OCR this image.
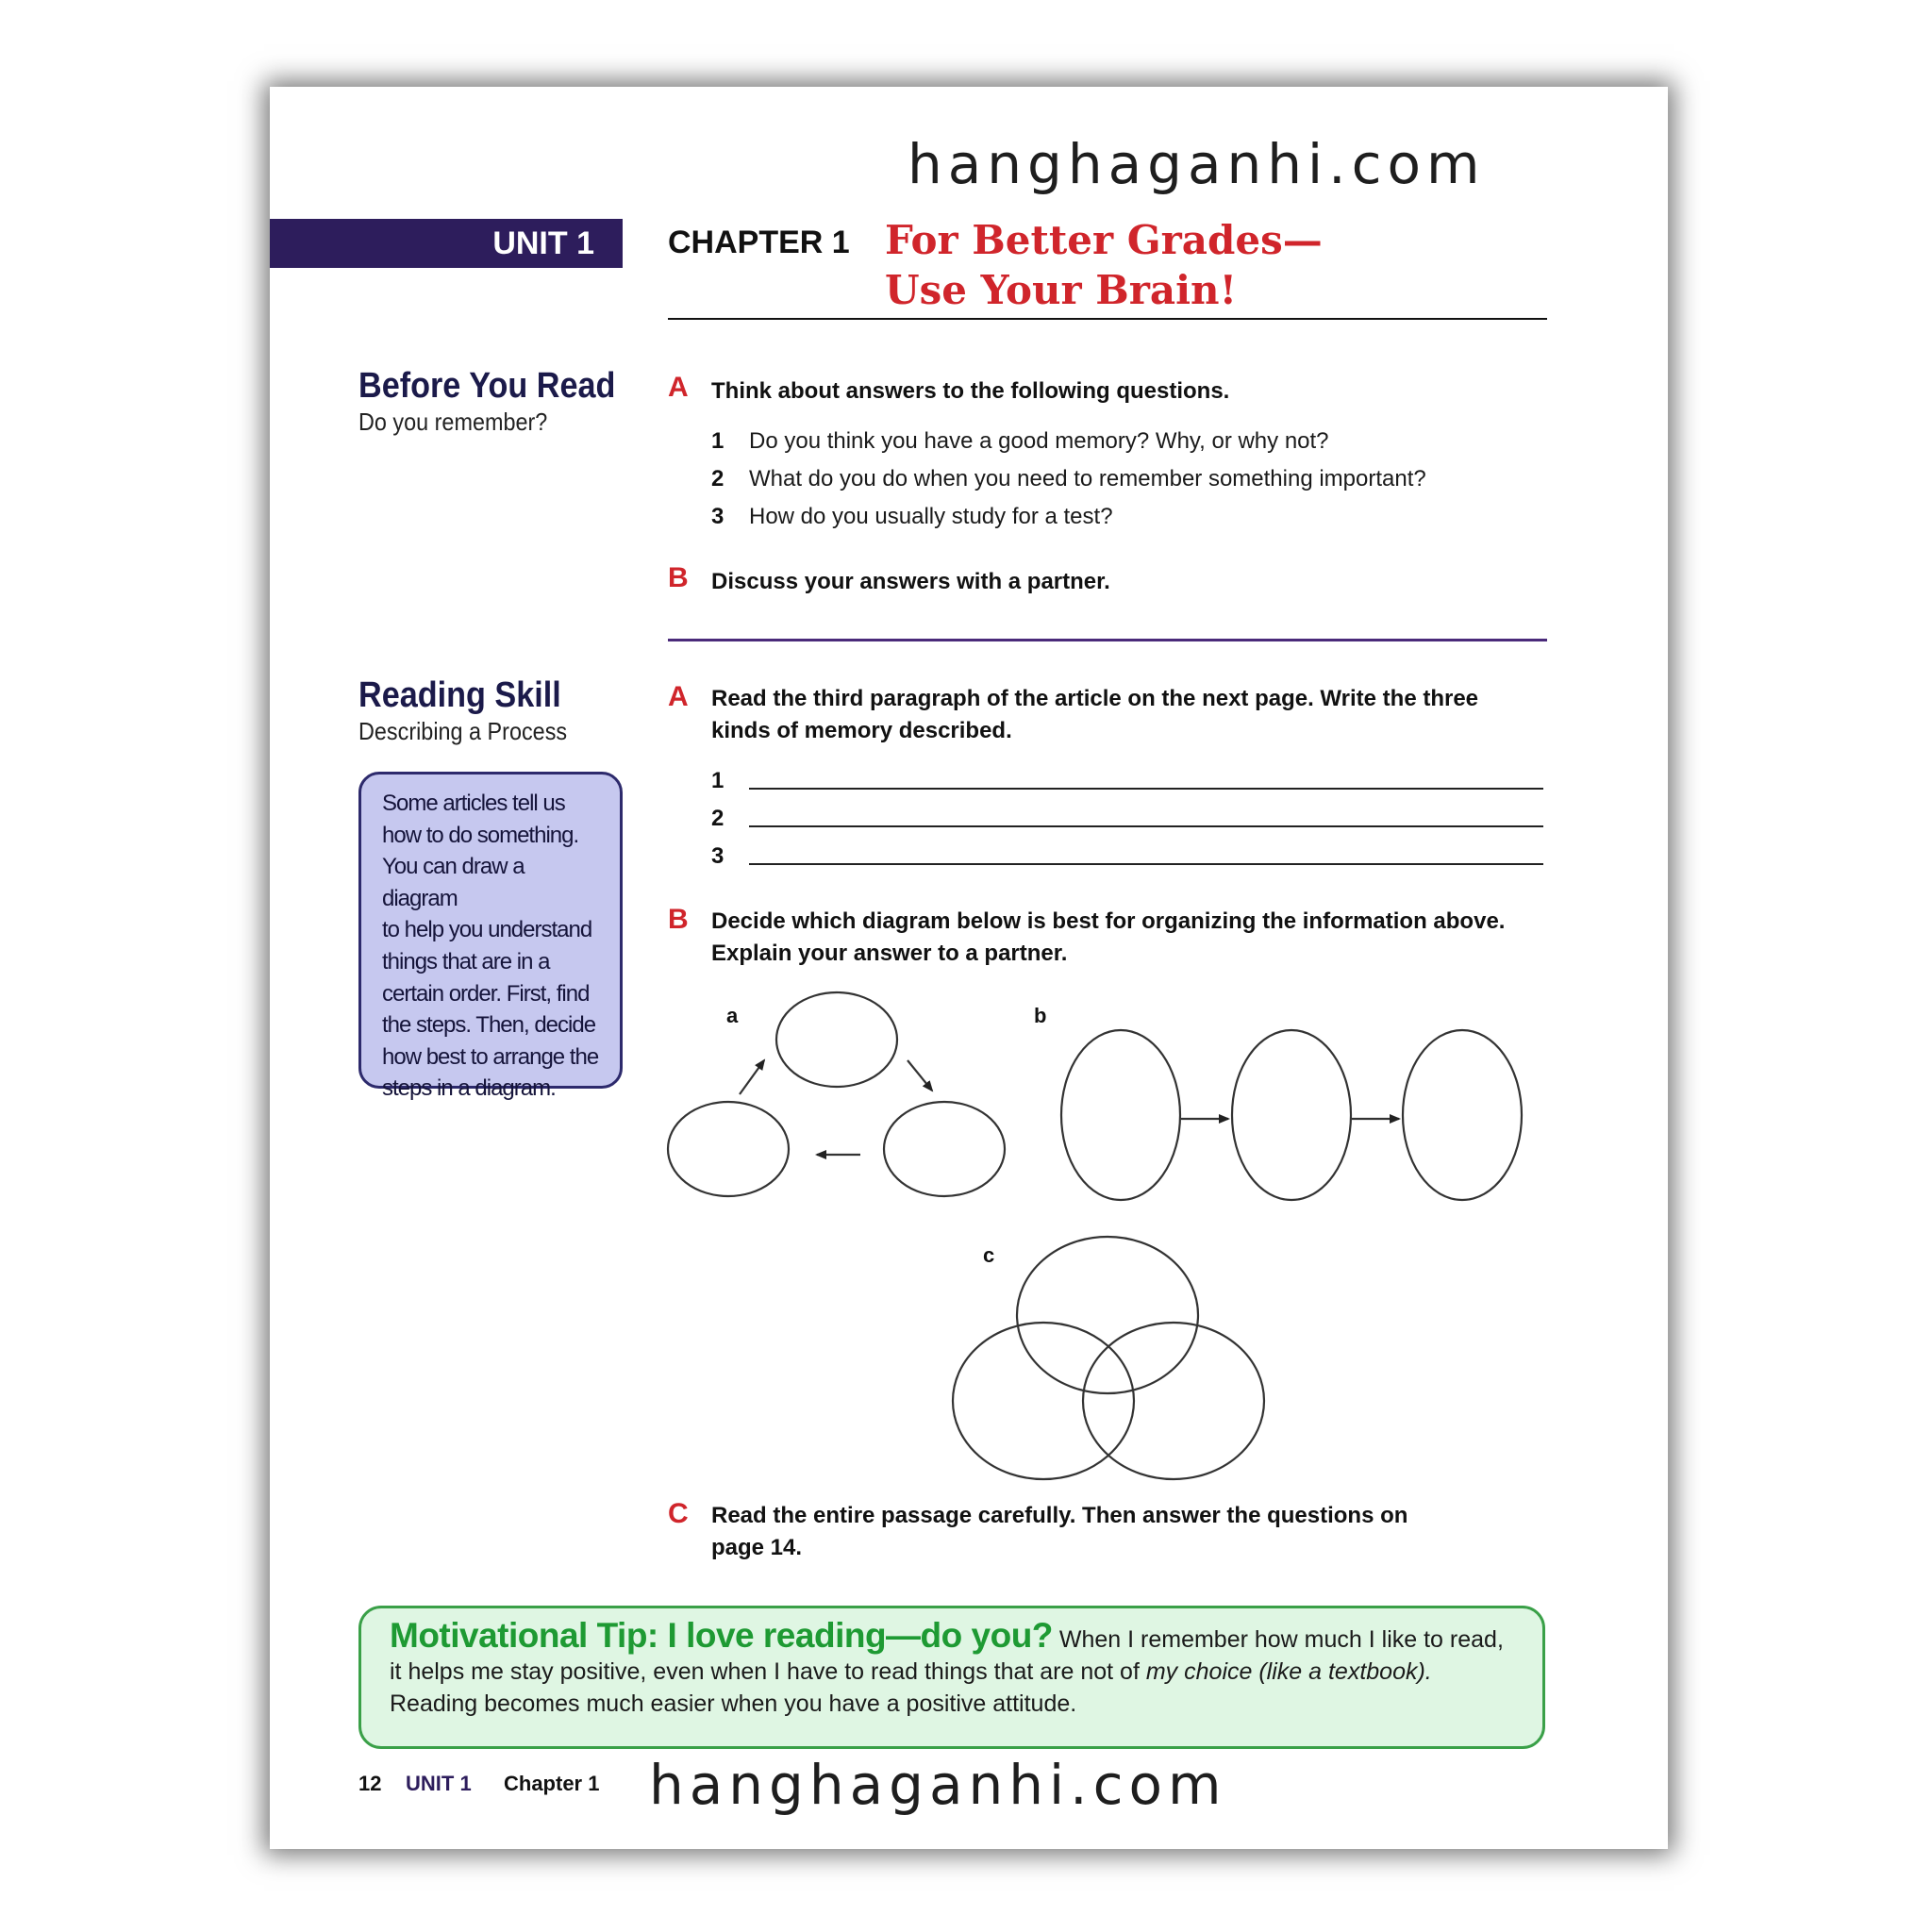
hanghaganhi.com
UNIT 1	CHAPTER 1 For Better Grades—
Use Your Brain!
Before You Read
Do you remember?
A Think about answers to the following questions.
1 Do you think you have a good memory? Why, or why not?
2 What do you do when you need to remember something important?
3 How do you usually study for a test?
B Discuss your answers with a partner.
Reading Skill
Describing a Process
Some articles tell us
how to do something.
You can draw a diagram
to help you understand
things that are in a
certain order. First, find
the steps. Then, decide
how best to arrange the
steps in a diagram.
A Read the third paragraph of the article on the next page. Write the three
kinds of memory described.
1
2
3
B Decide which diagram below is best for organizing the information above.
Explain your answer to a partner.
a	b
c
C Read the entire passage carefully. Then answer the questions on
page 14.
Motivational Tip: I love reading—do you? When I remember how much I like to read, it helps me stay positive, even when I have to read things that are not of my choice (like a textbook). Reading becomes much easier when you have a positive attitude.
12 UNIT 1 Chapter 1 hanghaganhi.com
